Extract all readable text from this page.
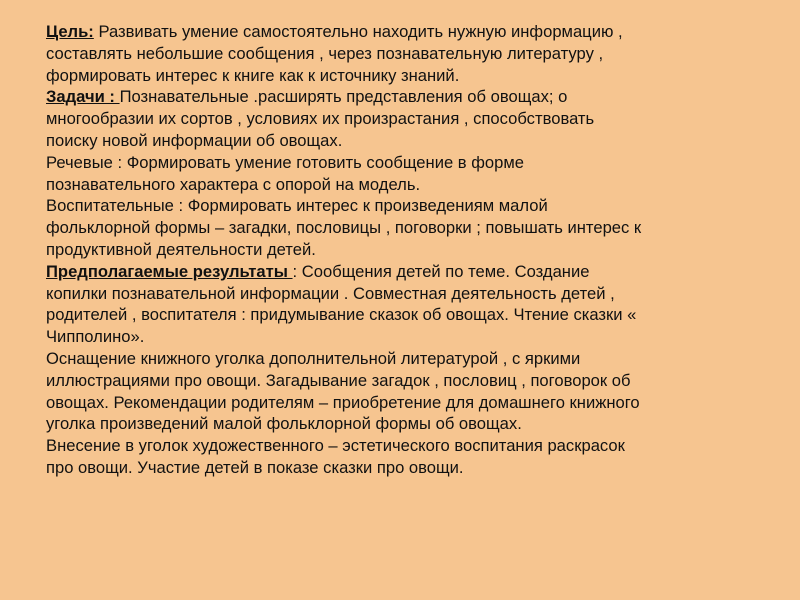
Цель: Развивать умение самостоятельно находить нужную информацию ,

составлять небольшие сообщения , через познавательную литературу ,

формировать интерес к книге как к источнику знаний.

Задачи : Познавательные .расширять представления об овощах; о

многообразии их сортов , условиях их произрастания , способствовать

поиску новой информации об овощах.

Речевые : Формировать умение готовить сообщение в форме

познавательного характера с опорой на модель.

Воспитательные : Формировать интерес к произведениям малой

фольклорной формы – загадки, пословицы , поговорки ; повышать интерес к

продуктивной деятельности детей.

Предполагаемые результаты : Сообщения детей по теме. Создание

копилки познавательной информации . Совместная деятельность детей ,

родителей , воспитателя : придумывание сказок об овощах. Чтение сказки «

Чипполино».

Оснащение книжного уголка дополнительной литературой , с яркими

иллюстрациями про овощи. Загадывание загадок , пословиц , поговорок об

овощах. Рекомендации родителям – приобретение для домашнего книжного

уголка произведений малой фольклорной формы об овощах.

Внесение в уголок художественного – эстетического воспитания раскрасок

про овощи. Участие детей в показе сказки про овощи.
